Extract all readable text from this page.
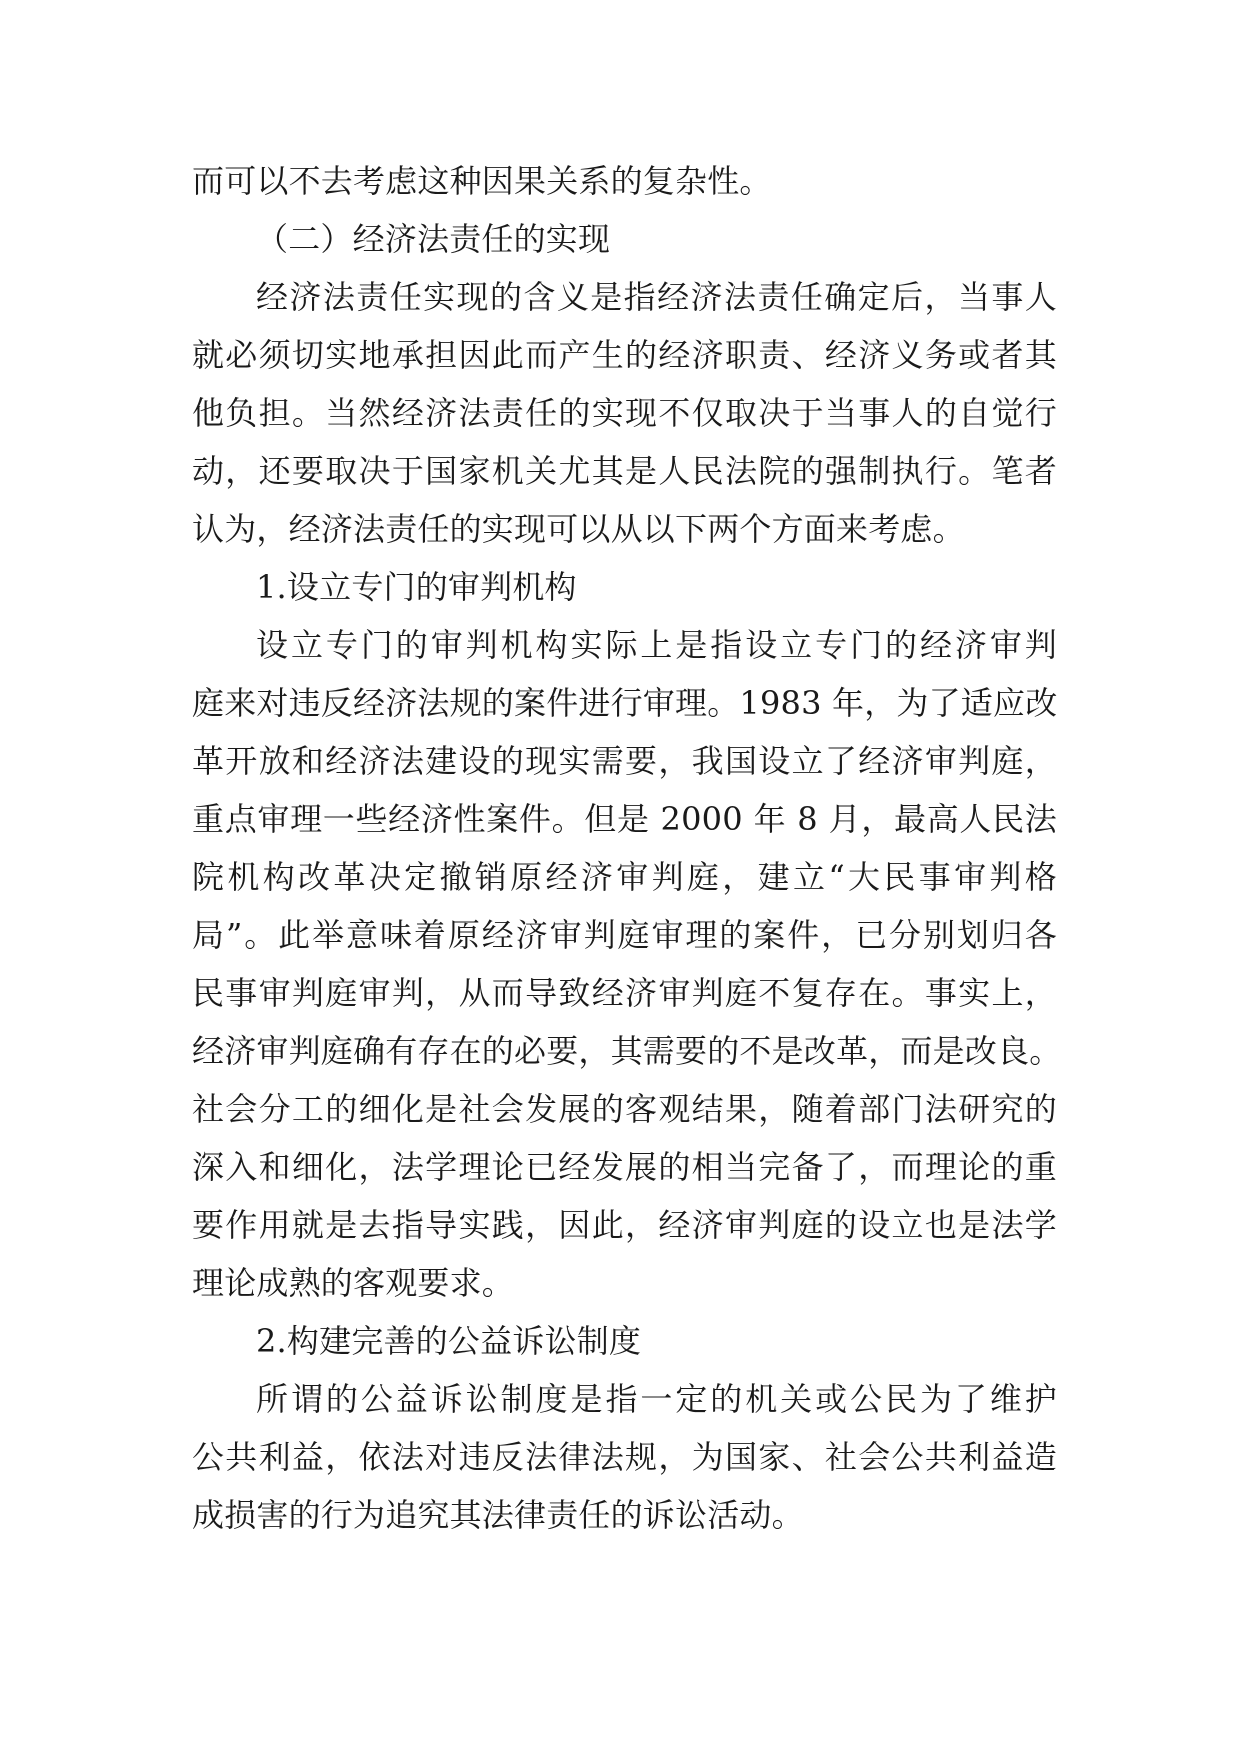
而可以不去考虑这种因果关系的复杂性。
（二）经济法责任的实现
经济法责任实现的含义是指经济法责任确定后，当事人
就必须切实地承担因此而产生的经济职责、经济义务或者其
他负担。当然经济法责任的实现不仅取决于当事人的自觉行
动，还要取决于国家机关尤其是人民法院的强制执行。笔者
认为，经济法责任的实现可以从以下两个方面来考虑。
1.设立专门的审判机构
设立专门的审判机构实际上是指设立专门的经济审判
庭来对违反经济法规的案件进行审理。1983 年，为了适应改
革开放和经济法建设的现实需要，我国设立了经济审判庭，
重点审理一些经济性案件。但是 2000 年 8 月，最高人民法
院机构改革决定撤销原经济审判庭，建立“大民事审判格
局”。此举意味着原经济审判庭审理的案件，已分别划归各
民事审判庭审判，从而导致经济审判庭不复存在。事实上，
经济审判庭确有存在的必要，其需要的不是改革，而是改良。
社会分工的细化是社会发展的客观结果，随着部门法研究的
深入和细化，法学理论已经发展的相当完备了，而理论的重
要作用就是去指导实践，因此，经济审判庭的设立也是法学
理论成熟的客观要求。
2.构建完善的公益诉讼制度
所谓的公益诉讼制度是指一定的机关或公民为了维护
公共利益，依法对违反法律法规，为国家、社会公共利益造
成损害的行为追究其法律责任的诉讼活动。
